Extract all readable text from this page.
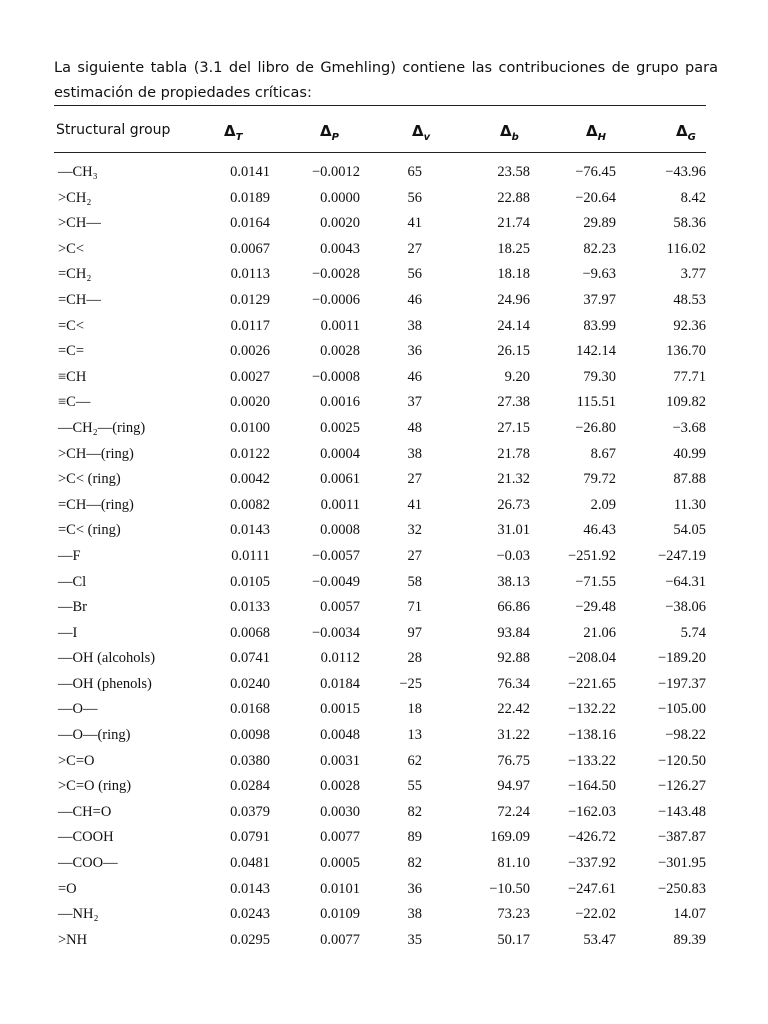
La siguiente tabla (3.1 del libro de Gmehling) contiene las contribuciones de grupo para estimación de propiedades críticas:
Structural group	$\Delta_T$	$\Delta_P$	$\Delta_v$	$\Delta_b$	$\Delta_H$	$\Delta_G$
—CH₃	0.0141	−0.0012	65	23.58	−76.45	−43.96
>CH₂	0.0189	0.0000	56	22.88	−20.64	8.42
>CH—	0.0164	0.0020	41	21.74	29.89	58.36
>C<	0.0067	0.0043	27	18.25	82.23	116.02
=CH₂	0.0113	−0.0028	56	18.18	−9.63	3.77
=CH—	0.0129	−0.0006	46	24.96	37.97	48.53
=C<	0.0117	0.0011	38	24.14	83.99	92.36
=C=	0.0026	0.0028	36	26.15	142.14	136.70
≡CH	0.0027	−0.0008	46	9.20	79.30	77.71
≡C—	0.0020	0.0016	37	27.38	115.51	109.82
—CH₂—(ring)	0.0100	0.0025	48	27.15	−26.80	−3.68
>CH—(ring)	0.0122	0.0004	38	21.78	8.67	40.99
>C< (ring)	0.0042	0.0061	27	21.32	79.72	87.88
=CH—(ring)	0.0082	0.0011	41	26.73	2.09	11.30
=C< (ring)	0.0143	0.0008	32	31.01	46.43	54.05
—F	0.0111	−0.0057	27	−0.03	−251.92	−247.19
—Cl	0.0105	−0.0049	58	38.13	−71.55	−64.31
—Br	0.0133	0.0057	71	66.86	−29.48	−38.06
—I	0.0068	−0.0034	97	93.84	21.06	5.74
—OH (alcohols)	0.0741	0.0112	28	92.88	−208.04	−189.20
—OH (phenols)	0.0240	0.0184	−25	76.34	−221.65	−197.37
—O—	0.0168	0.0015	18	22.42	−132.22	−105.00
—O—(ring)	0.0098	0.0048	13	31.22	−138.16	−98.22
>C=O	0.0380	0.0031	62	76.75	−133.22	−120.50
>C=O (ring)	0.0284	0.0028	55	94.97	−164.50	−126.27
—CH=O	0.0379	0.0030	82	72.24	−162.03	−143.48
—COOH	0.0791	0.0077	89	169.09	−426.72	−387.87
—COO—	0.0481	0.0005	82	81.10	−337.92	−301.95
=O	0.0143	0.0101	36	−10.50	−247.61	−250.83
—NH₂	0.0243	0.0109	38	73.23	−22.02	14.07
>NH	0.0295	0.0077	35	50.17	53.47	89.39
